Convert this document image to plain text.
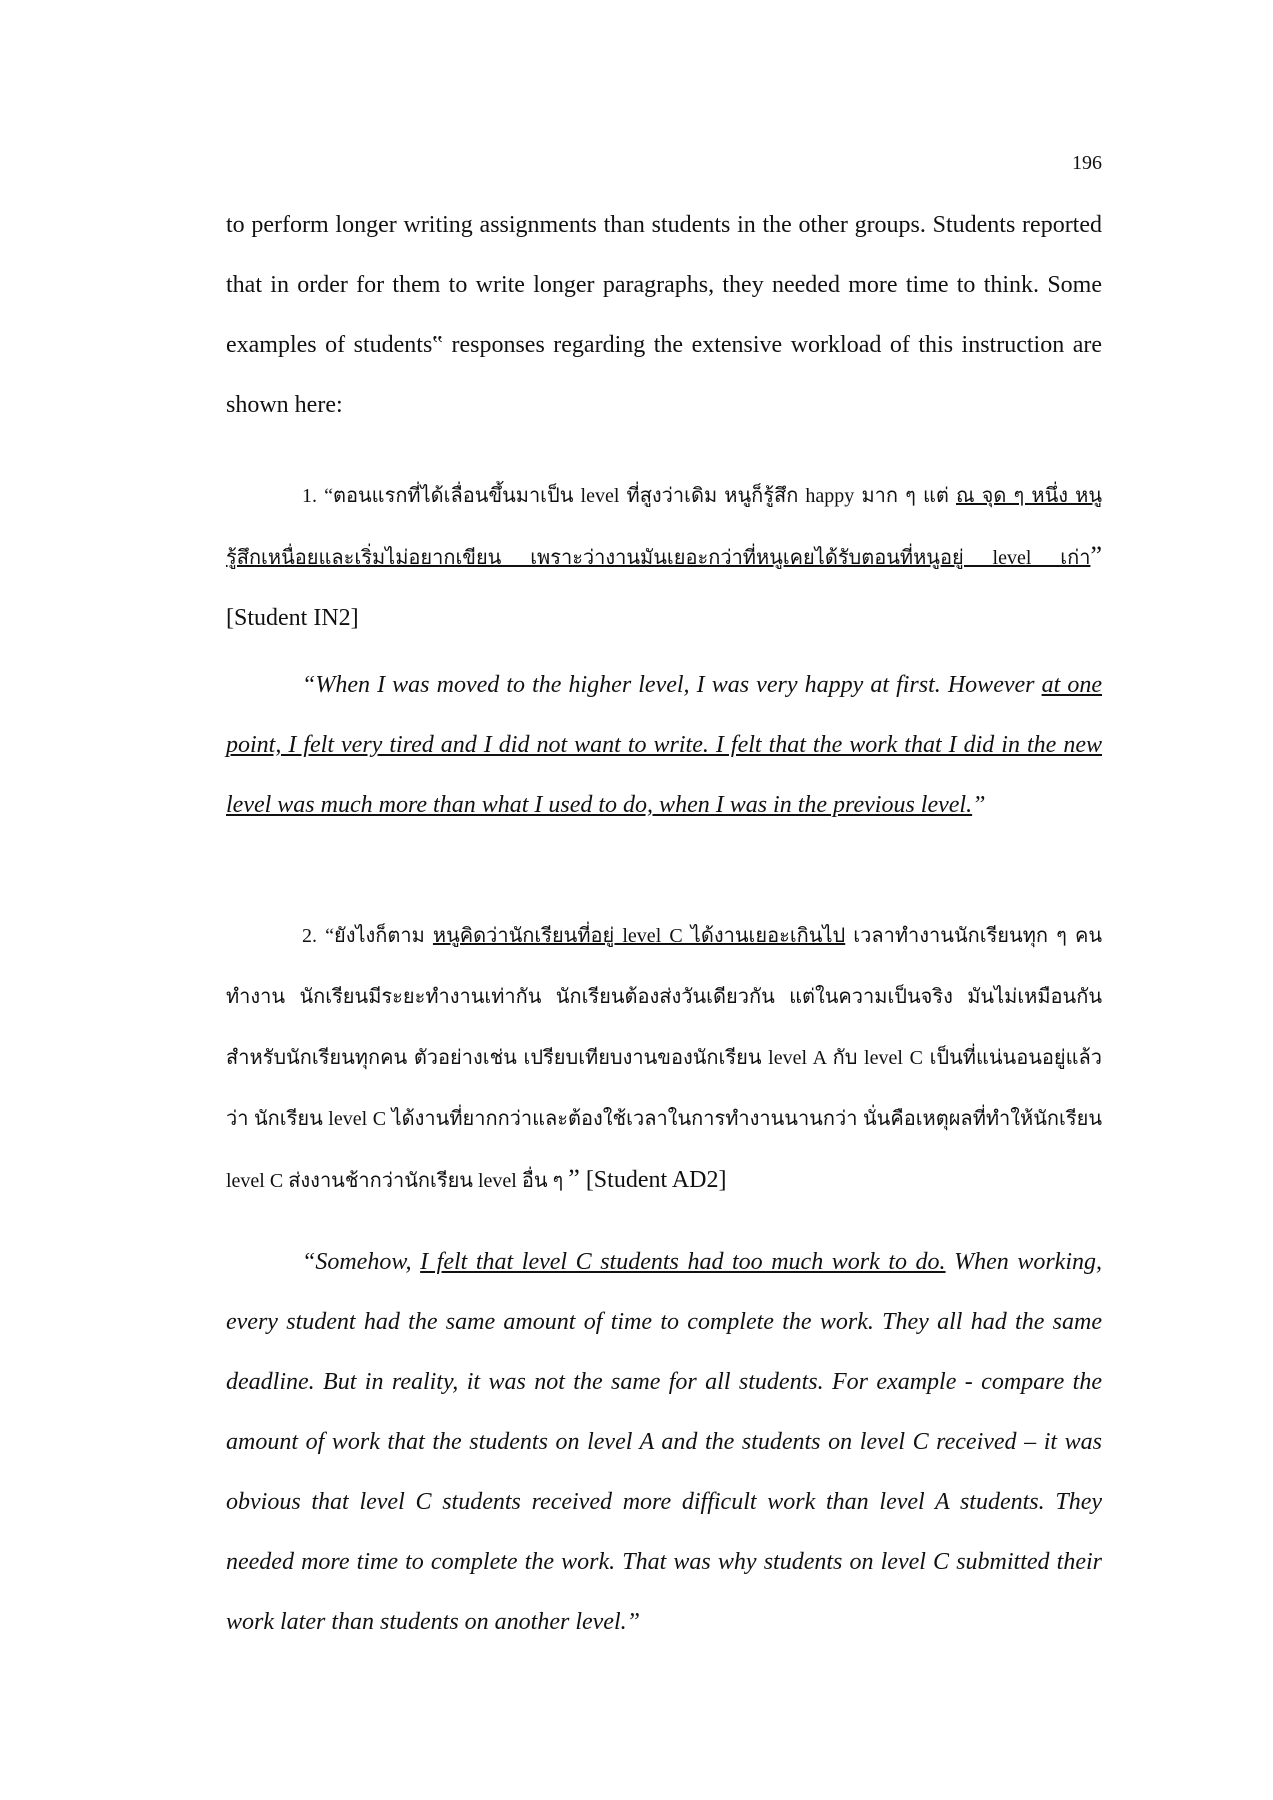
196

to perform longer writing assignments than students in the other groups. Students reported that in order for them to write longer paragraphs, they needed more time to think. Some examples of students‟ responses regarding the extensive workload of this instruction are shown here:

1. “ตอนแรกที่ได้เลื่อนขึ้นมาเป็น level ที่สูงว่าเดิม หนูก็รู้สึก happy มาก ๆ แต่ ณ จุด ๆ หนึ่ง หนูรู้สึกเหนื่อยและเริ่มไม่อยากเขียน เพราะว่างานมันเยอะกว่าที่หนูเคยได้รับตอนที่หนูอยู่ level เก่า” [Student IN2]
“When I was moved to the higher level, I was very happy at first. However at one point, I felt very tired and I did not want to write. I felt that the work that I did in the new level was much more than what I used to do, when I was in the previous level.”
2. “ยังไงก็ตาม หนูคิดว่านักเรียนที่อยู่ level C ได้งานเยอะเกินไป เวลาทำงานนักเรียนทุก ๆ คนทำงาน นักเรียนมีระยะทำงานเท่ากัน นักเรียนต้องส่งวันเดียวกัน แต่ในความเป็นจริง มันไม่เหมือนกันสำหรับนักเรียนทุกคน ตัวอย่างเช่น เปรียบเทียบงานของนักเรียน level A กับ level C เป็นที่แน่นอนอยู่แล้วว่า นักเรียน level C ได้งานที่ยากกว่าและต้องใช้เวลาในการทำงานนานกว่า นั่นคือเหตุผลที่ทำให้นักเรียน level C ส่งงานช้ากว่านักเรียน level อื่น ๆ ” [Student AD2]
“Somehow, I felt that level C students had too much work to do. When working, every student had the same amount of time to complete the work. They all had the same deadline. But in reality, it was not the same for all students. For example - compare the amount of work that the students on level A and the students on level C received – it was obvious that level C students received more difficult work than level A students. They needed more time to complete the work. That was why students on level C submitted their work later than students on another level.”
